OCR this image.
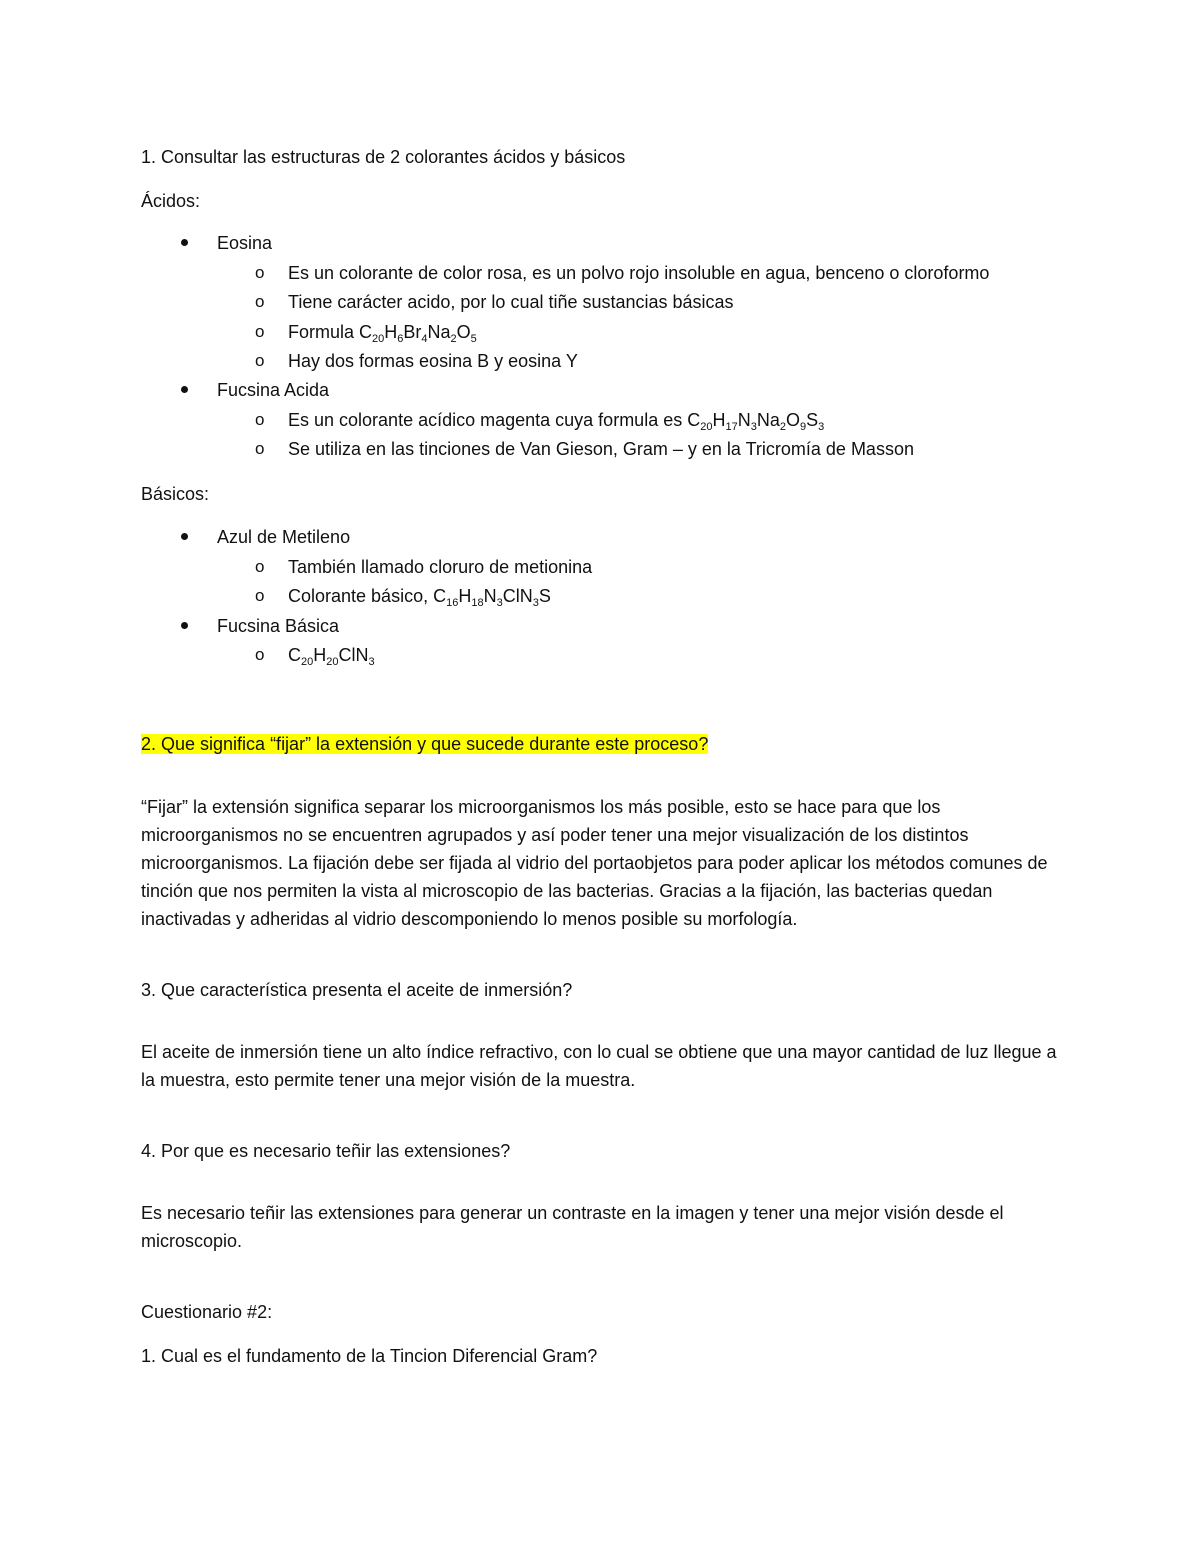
1. Consultar las estructuras de 2 colorantes ácidos y básicos

Ácidos:

Eosina

o Es un colorante de color rosa, es un polvo rojo insoluble en agua, benceno o cloroformo

o Tiene carácter acido, por lo cual tiñe sustancias básicas

o Formula $C_{20}H_6Br_4Na_2O_5$

o Hay dos formas eosina B y eosina Y

Fucsina Acida

o Es un colorante acídico magenta cuya formula es $C_{20}H_{17}N_3Na_2O_9S_3$

o Se utiliza en las tinciones de Van Gieson, Gram – y en la Tricromía de Masson

Básicos:

Azul de Metileno

o También llamado cloruro de metionina

o Colorante básico, $C_{16}H_{18}N_3ClN_3S$

Fucsina Básica

o $C_{20}H_{20}ClN_3$

2. Que significa “fijar” la extensión y que sucede durante este proceso?

“Fijar” la extensión significa separar los microorganismos los más posible, esto se hace para que los microorganismos no se encuentren agrupados y así poder tener una mejor visualización de los distintos microorganismos. La fijación debe ser fijada al vidrio del portaobjetos para poder aplicar los métodos comunes de tinción que nos permiten la vista al microscopio de las bacterias. Gracias a la fijación, las bacterias quedan inactivadas y adheridas al vidrio descomponiendo lo menos posible su morfología.

3. Que característica presenta el aceite de inmersión?

El aceite de inmersión tiene un alto índice refractivo, con lo cual se obtiene que una mayor cantidad de luz llegue a la muestra, esto permite tener una mejor visión de la muestra.

4. Por que es necesario teñir las extensiones?

Es necesario teñir las extensiones para generar un contraste en la imagen y tener una mejor visión desde el microscopio.

Cuestionario #2:

1. Cual es el fundamento de la Tincion Diferencial Gram?
